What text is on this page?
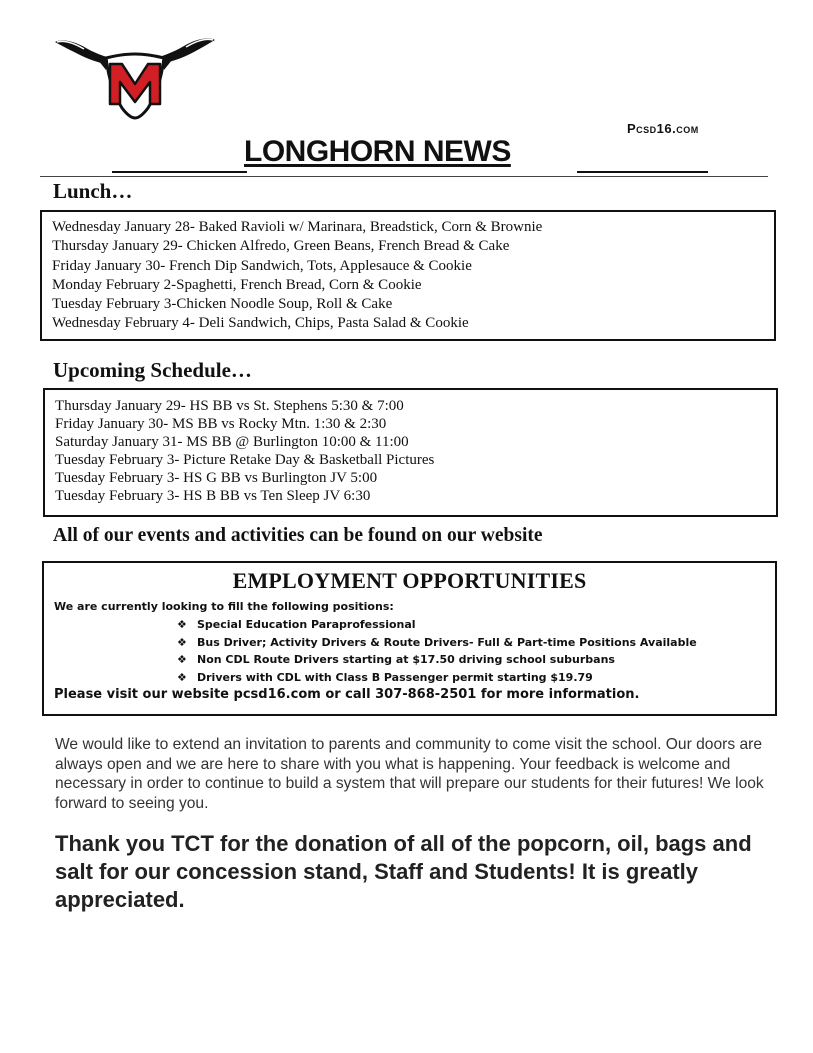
Pcsd16.com
LONGHORN NEWS
Lunch…
Wednesday January 28- Baked Ravioli w/ Marinara, Breadstick, Corn & Brownie
Thursday January 29- Chicken Alfredo, Green Beans, French Bread & Cake
Friday January 30- French Dip Sandwich, Tots, Applesauce & Cookie
Monday February 2-Spaghetti, French Bread, Corn & Cookie
Tuesday February 3-Chicken Noodle Soup, Roll & Cake
Wednesday February 4- Deli Sandwich, Chips, Pasta Salad & Cookie
Upcoming Schedule…
Thursday January 29- HS BB vs St. Stephens 5:30 & 7:00
Friday January 30- MS BB vs Rocky Mtn. 1:30 & 2:30
Saturday January 31- MS BB @ Burlington 10:00 & 11:00
Tuesday February 3- Picture Retake Day & Basketball Pictures
Tuesday February 3- HS G BB vs Burlington JV 5:00
Tuesday February 3- HS B BB vs Ten Sleep JV 6:30
All of our events and activities can be found on our website
EMPLOYMENT OPPORTUNITIES
We are currently looking to fill the following positions:
❖ Special Education Paraprofessional
❖ Bus Driver; Activity Drivers & Route Drivers- Full & Part-time Positions Available
❖ Non CDL Route Drivers starting at $17.50 driving school suburbans
❖ Drivers with CDL with Class B Passenger permit starting $19.79
Please visit our website pcsd16.com or call 307-868-2501 for more information.
We would like to extend an invitation to parents and community to come visit the school. Our doors are always open and we are here to share with you what is happening. Your feedback is welcome and necessary in order to continue to build a system that will prepare our students for their futures! We look forward to seeing you.
Thank you TCT for the donation of all of the popcorn, oil, bags and salt for our concession stand, Staff and Students! It is greatly appreciated.
